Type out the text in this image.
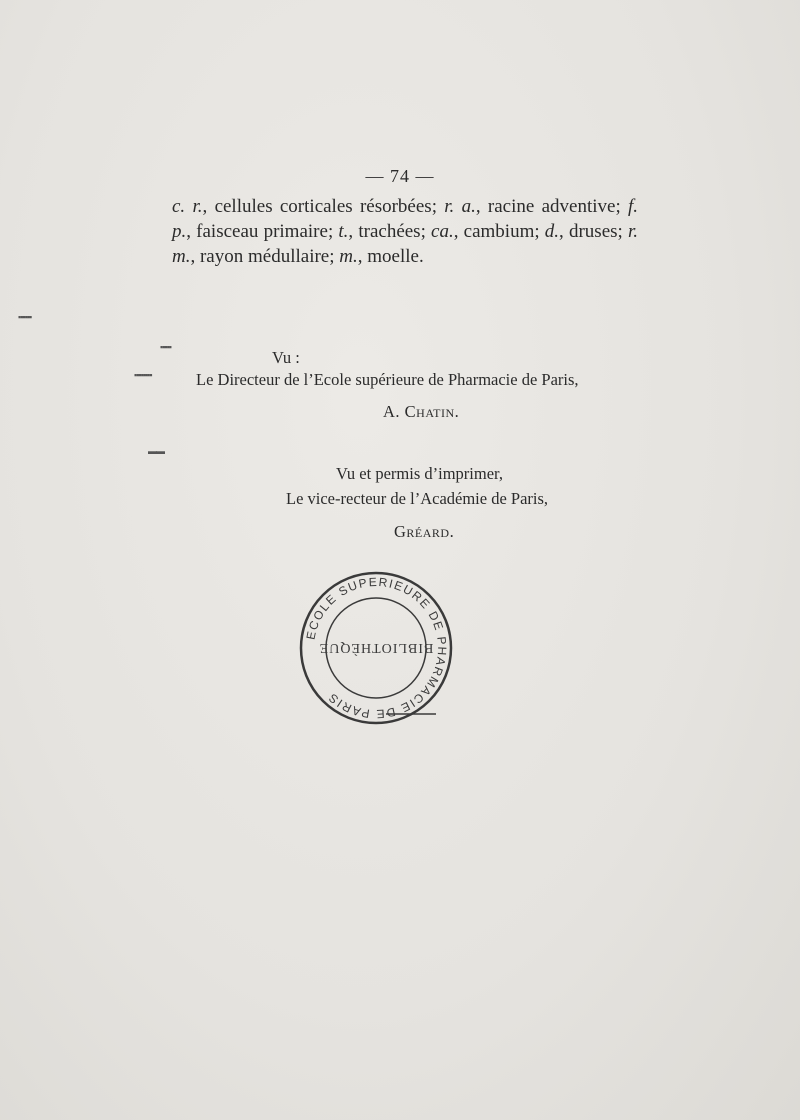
— 74 —
c. r., cellules corticales résorbées; r. a., racine adventive; f. p., faisceau primaire; t., trachées; ca., cambium; d., druses; r. m., rayon médullaire; m., moelle.
▪▪▪▪▪▪
▪▪▪▪▪
▪▪▪▪▪▪▪▪
▬▬
Vu :
Le Directeur de l’Ecole supérieure de Pharmacie de Paris,
A. Chatin.
Vu et permis d’imprimer,
Le vice-recteur de l’Académie de Paris,
Gréard.
ECOLE SUPERIEURE DE PHARMACIE DE PARIS
BIBLIOTHÈQUE
